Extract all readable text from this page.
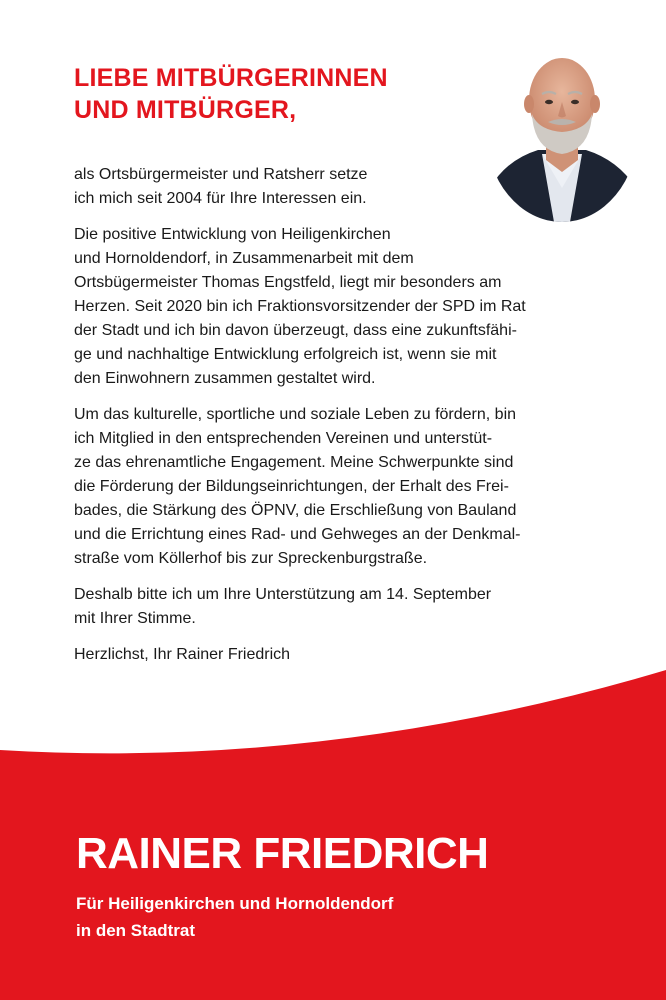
LIEBE MITBÜRGERINNEN
UND MITBÜRGER,

als Ortsbürgermeister und Ratsherr setze
ich mich seit 2004 für Ihre Interessen ein.

Die positive Entwicklung von Heiligenkirchen
und Hornoldendorf, in Zusammenarbeit mit dem
Ortsbügermeister Thomas Engstfeld, liegt mir besonders am
Herzen. Seit 2020 bin ich Fraktionsvorsitzender der SPD im Rat
der Stadt und ich bin davon überzeugt, dass eine zukunftsfähi-
ge und nachhaltige Entwicklung erfolgreich ist, wenn sie mit
den Einwohnern zusammen gestaltet wird.

Um das kulturelle, sportliche und soziale Leben zu fördern, bin
ich Mitglied in den entsprechenden Vereinen und unterstüt-
ze das ehrenamtliche Engagement. Meine Schwerpunkte sind
die Förderung der Bildungseinrichtungen, der Erhalt des Frei-
bades, die Stärkung des ÖPNV, die Erschließung von Bauland
und die Errichtung eines Rad- und Gehweges an der Denkmal-
straße vom Köllerhof bis zur Spreckenburgstraße.

Deshalb bitte ich um Ihre Unterstützung am 14. September
mit Ihrer Stimme.

Herzlichst, Ihr Rainer Friedrich

RAINER FRIEDRICH

Für Heiligenkirchen und Hornoldendorf
in den Stadtrat
